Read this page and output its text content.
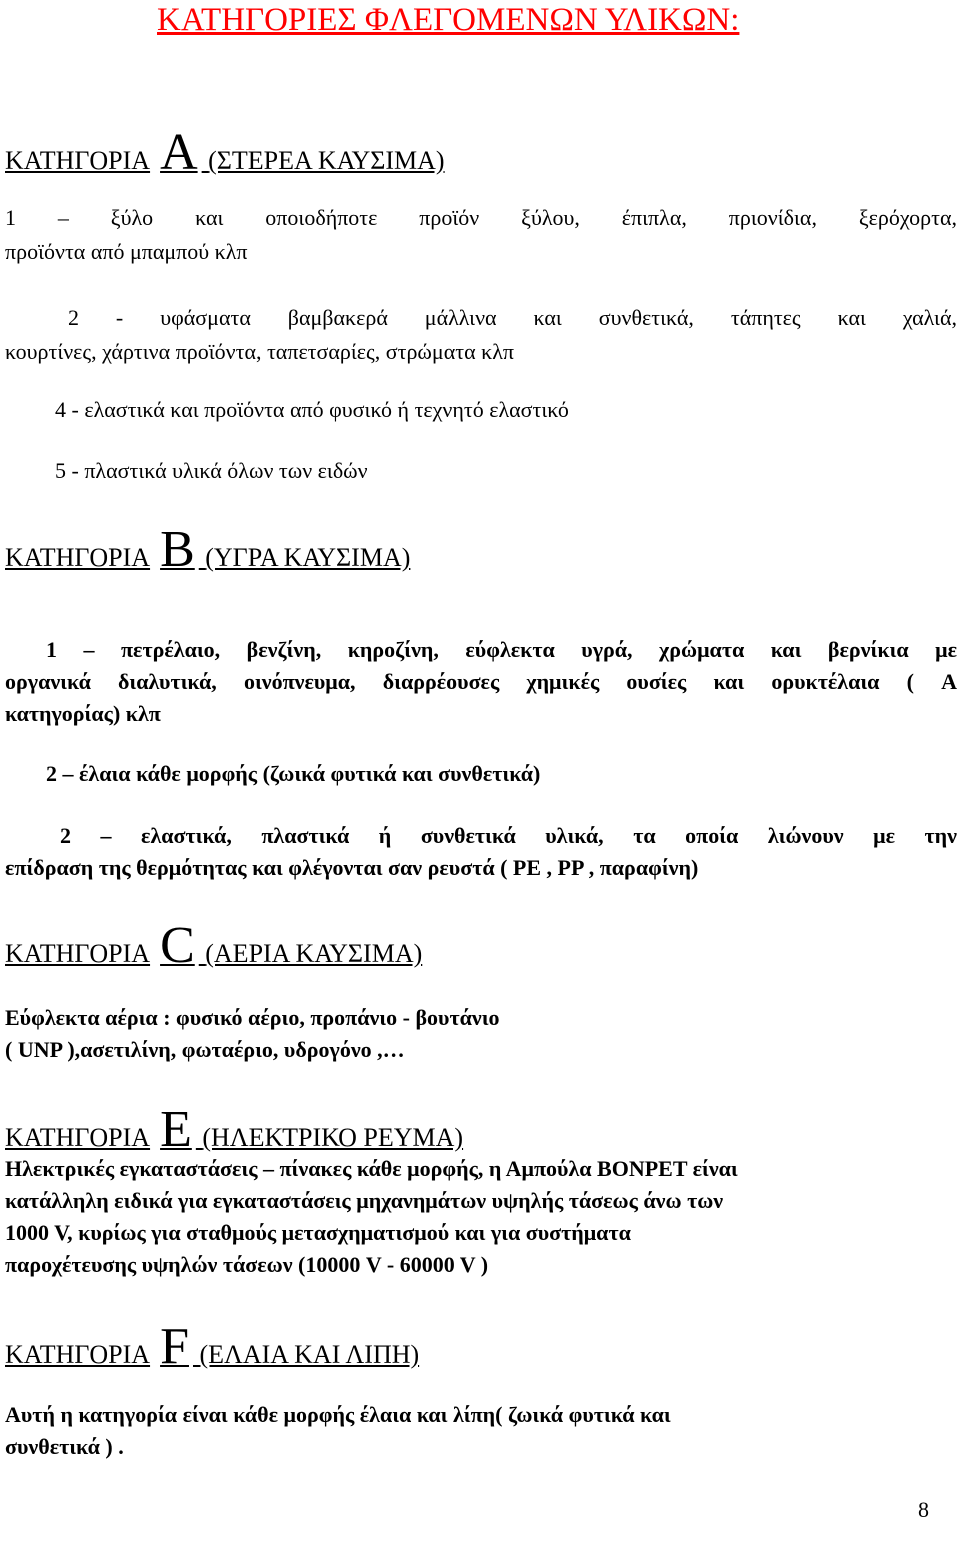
ΚΑΤΗΓΟΡΙΕΣ ΦΛΕΓΟΜΕΝΩΝ ΥΛΙΚΩΝ:
ΚΑΤΗΓΟΡΙΑ A (ΣΤΕΡΕΑ ΚΑΥΣΙΜΑ)
1 – ξύλο και οποιοδήποτε προϊόν ξύλου, έπιπλα, πριονίδια, ξερόχορτα,
προϊόντα από μπαμπού κλπ
2 - υφάσματα βαμβακερά μάλλινα και συνθετικά, τάπητες και χαλιά,
κουρτίνες, χάρτινα προϊόντα, ταπετσαρίες, στρώματα κλπ
4 - ελαστικά και προϊόντα από φυσικό ή τεχνητό ελαστικό
5 - πλαστικά υλικά όλων των ειδών
ΚΑΤΗΓΟΡΙΑ B (ΥΓΡΑ ΚΑΥΣΙΜΑ)
1 – πετρέλαιο, βενζίνη, κηροζίνη, εύφλεκτα υγρά, χρώματα και βερνίκια με
οργανικά διαλυτικά, οινόπνευμα, διαρρέουσες χημικές ουσίες και ορυκτέλαια ( A
κατηγορίας) κλπ
2 – έλαια κάθε μορφής (ζωικά φυτικά και συνθετικά)
2 – ελαστικά, πλαστικά ή συνθετικά υλικά, τα οποία λιώνουν με την
επίδραση της θερμότητας και φλέγονται σαν ρευστά ( PE , PP , παραφίνη)
ΚΑΤΗΓΟΡΙΑ C (ΑΕΡΙΑ ΚΑΥΣΙΜΑ)
Εύφλεκτα αέρια : φυσικό αέριο, προπάνιο - βουτάνιο
( UNP ),ασετιλίνη, φωταέριο, υδρογόνο ,…
ΚΑΤΗΓΟΡΙΑ E (ΗΛΕΚΤΡΙΚΟ ΡΕΥΜΑ)
Ηλεκτρικές εγκαταστάσεις – πίνακες κάθε μορφής, η Αμπούλα BONPET είναι
κατάλληλη ειδικά για εγκαταστάσεις μηχανημάτων υψηλής τάσεως άνω των
1000 V, κυρίως για σταθμούς μετασχηματισμού και για συστήματα
παροχέτευσης υψηλών τάσεων (10000 V - 60000 V )
ΚΑΤΗΓΟΡΙΑ F (ΕΛΑΙΑ ΚΑΙ ΛΙΠΗ)
Αυτή η κατηγορία είναι κάθε μορφής έλαια και λίπη( ζωικά φυτικά και
συνθετικά ) .
8
